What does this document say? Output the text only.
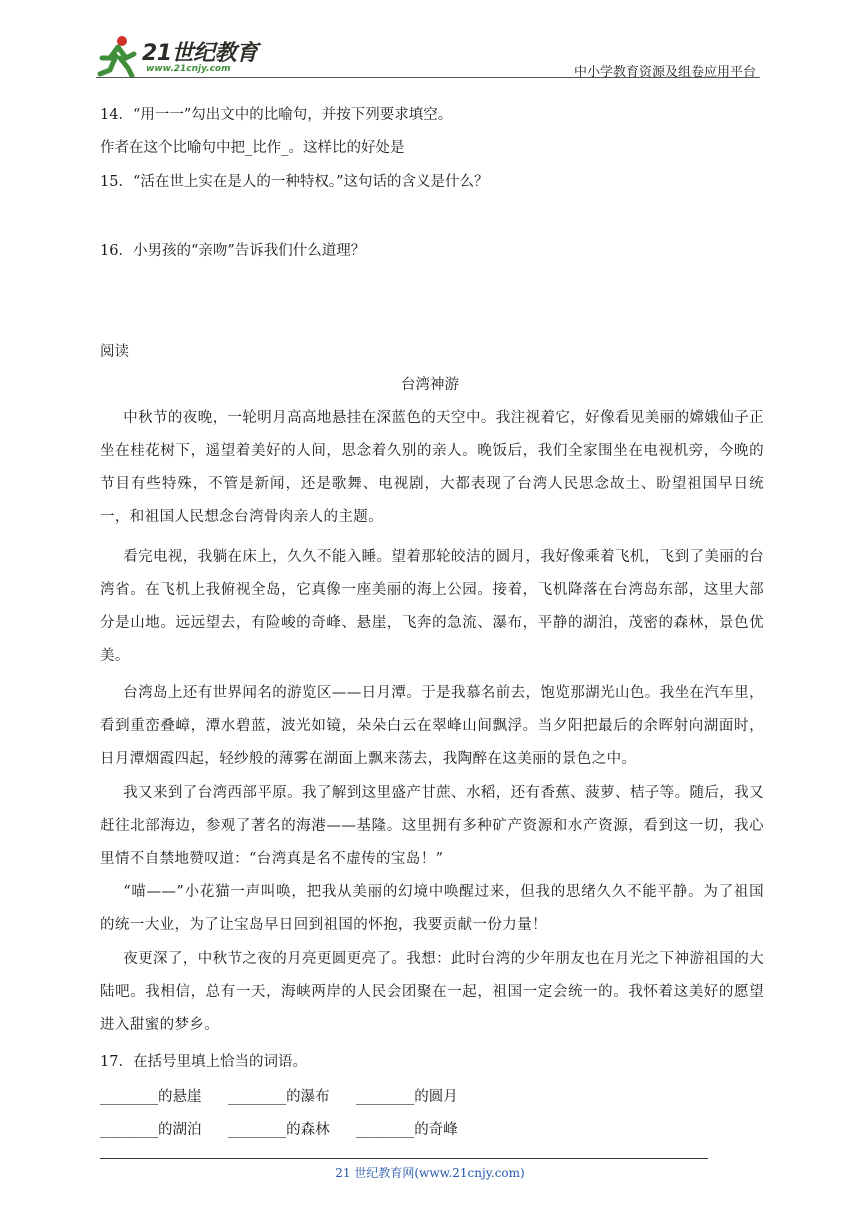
21世纪教育
www.21cnjy.com	中小学教育资源及组卷应用平台
14．“用一一”勾出文中的比喻句，并按下列要求填空。
作者在这个比喻句中把_比作_。这样比的好处是
15．“活在世上实在是人的一种特权。”这句话的含义是什么？
16．小男孩的“亲吻”告诉我们什么道理？
阅读
台湾神游
中秋节的夜晚，一轮明月高高地悬挂在深蓝色的天空中。我注视着它，好像看见美丽的嫦娥仙子正坐在桂花树下，遥望着美好的人间，思念着久别的亲人。晚饭后，我们全家围坐在电视机旁，今晚的节目有些特殊，不管是新闻，还是歌舞、电视剧，大都表现了台湾人民思念故土、盼望祖国早日统一，和祖国人民想念台湾骨肉亲人的主题。
看完电视，我躺在床上，久久不能入睡。望着那轮皎洁的圆月，我好像乘着飞机，飞到了美丽的台湾省。在飞机上我俯视全岛，它真像一座美丽的海上公园。接着，飞机降落在台湾岛东部，这里大部分是山地。远远望去，有险峻的奇峰、悬崖，飞奔的急流、瀑布，平静的湖泊，茂密的森林，景色优美。
台湾岛上还有世界闻名的游览区——日月潭。于是我慕名前去，饱览那湖光山色。我坐在汽车里，看到重峦叠嶂，潭水碧蓝，波光如镜，朵朵白云在翠峰山间飘浮。当夕阳把最后的余晖射向湖面时，日月潭烟霞四起，轻纱般的薄雾在湖面上飘来荡去，我陶醉在这美丽的景色之中。
我又来到了台湾西部平原。我了解到这里盛产甘蔗、水稻，还有香蕉、菠萝、桔子等。随后，我又赶往北部海边，参观了著名的海港——基隆。这里拥有多种矿产资源和水产资源，看到这一切，我心里情不自禁地赞叹道：“台湾真是名不虚传的宝岛！”
“喵——”小花猫一声叫唤，把我从美丽的幻境中唤醒过来，但我的思绪久久不能平静。为了祖国的统一大业，为了让宝岛早日回到祖国的怀抱，我要贡献一份力量！
夜更深了，中秋节之夜的月亮更圆更亮了。我想：此时台湾的少年朋友也在月光之下神游祖国的大陆吧。我相信，总有一天，海峡两岸的人民会团聚在一起，祖国一定会统一的。我怀着这美好的愿望进入甜蜜的梦乡。
17．在括号里填上恰当的词语。
________的悬崖 ________的瀑布 ________的圆月
________的湖泊 ________的森林 ________的奇峰
21 世纪教育网(www.21cnjy.com)
